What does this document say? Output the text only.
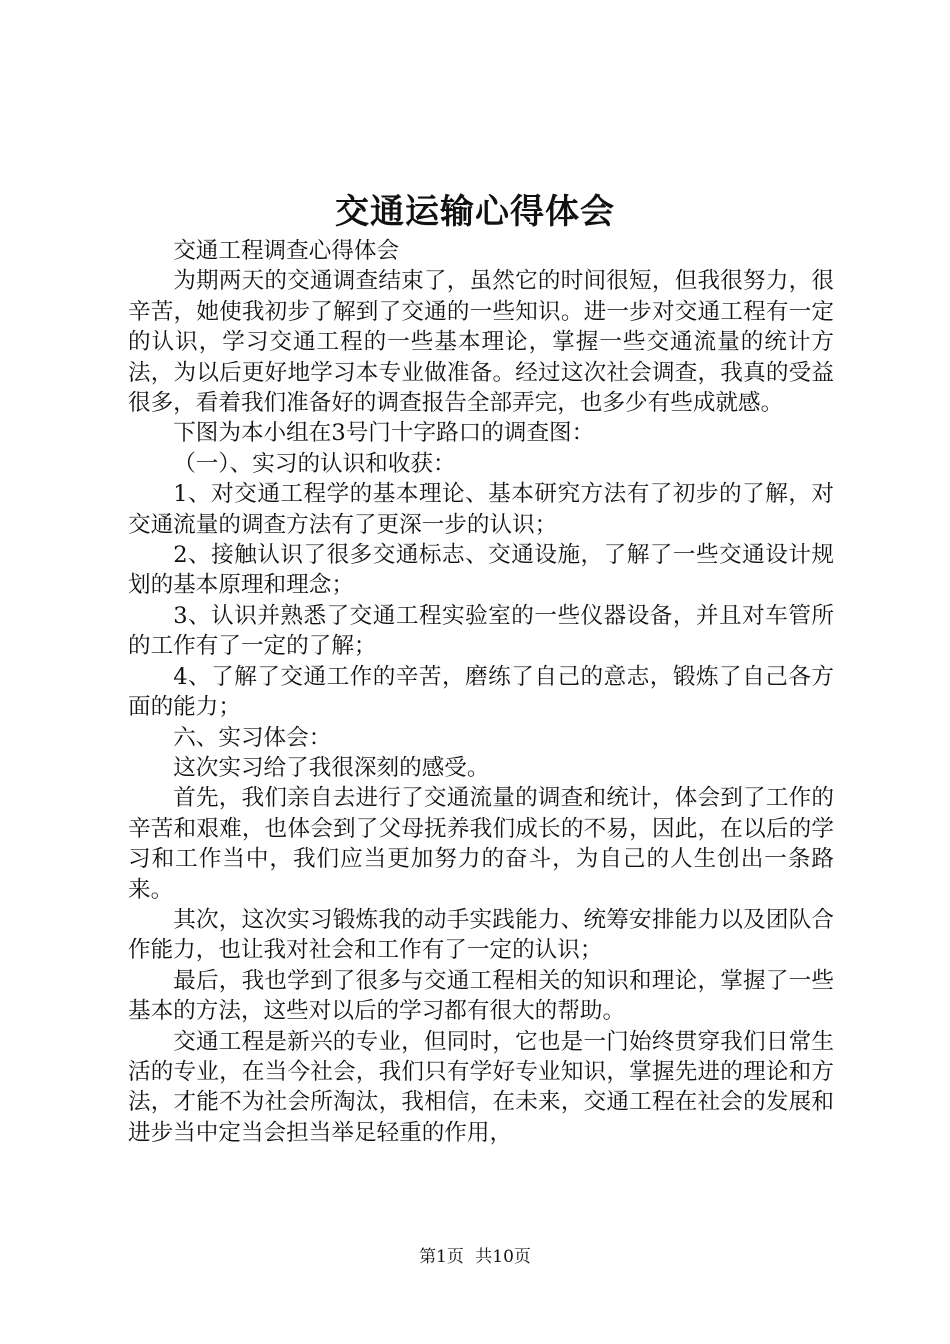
交通运输心得体会

交通工程调查心得体会

为期两天的交通调查结束了，虽然它的时间很短，但我很努力，很辛苦，她使我初步了解到了交通的一些知识。进一步对交通工程有一定的认识，学习交通工程的一些基本理论，掌握一些交通流量的统计方法，为以后更好地学习本专业做准备。经过这次社会调查，我真的受益很多，看着我们准备好的调查报告全部弄完，也多少有些成就感。

下图为本小组在3号门十字路口的调查图：

（一）、实习的认识和收获：

1、对交通工程学的基本理论、基本研究方法有了初步的了解，对交通流量的调查方法有了更深一步的认识；

2、接触认识了很多交通标志、交通设施，了解了一些交通设计规划的基本原理和理念；

3、认识并熟悉了交通工程实验室的一些仪器设备，并且对车管所的工作有了一定的了解；

4、了解了交通工作的辛苦，磨练了自己的意志，锻炼了自己各方面的能力；

六、实习体会：

这次实习给了我很深刻的感受。

首先，我们亲自去进行了交通流量的调查和统计，体会到了工作的辛苦和艰难，也体会到了父母抚养我们成长的不易，因此，在以后的学习和工作当中，我们应当更加努力的奋斗，为自己的人生创出一条路来。

其次，这次实习锻炼我的动手实践能力、统筹安排能力以及团队合作能力，也让我对社会和工作有了一定的认识；

最后，我也学到了很多与交通工程相关的知识和理论，掌握了一些基本的方法，这些对以后的学习都有很大的帮助。

交通工程是新兴的专业，但同时，它也是一门始终贯穿我们日常生活的专业，在当今社会，我们只有学好专业知识，掌握先进的理论和方法，才能不为社会所淘汰，我相信，在未来，交通工程在社会的发展和进步当中定当会担当举足轻重的作用，

第1页 共10页
